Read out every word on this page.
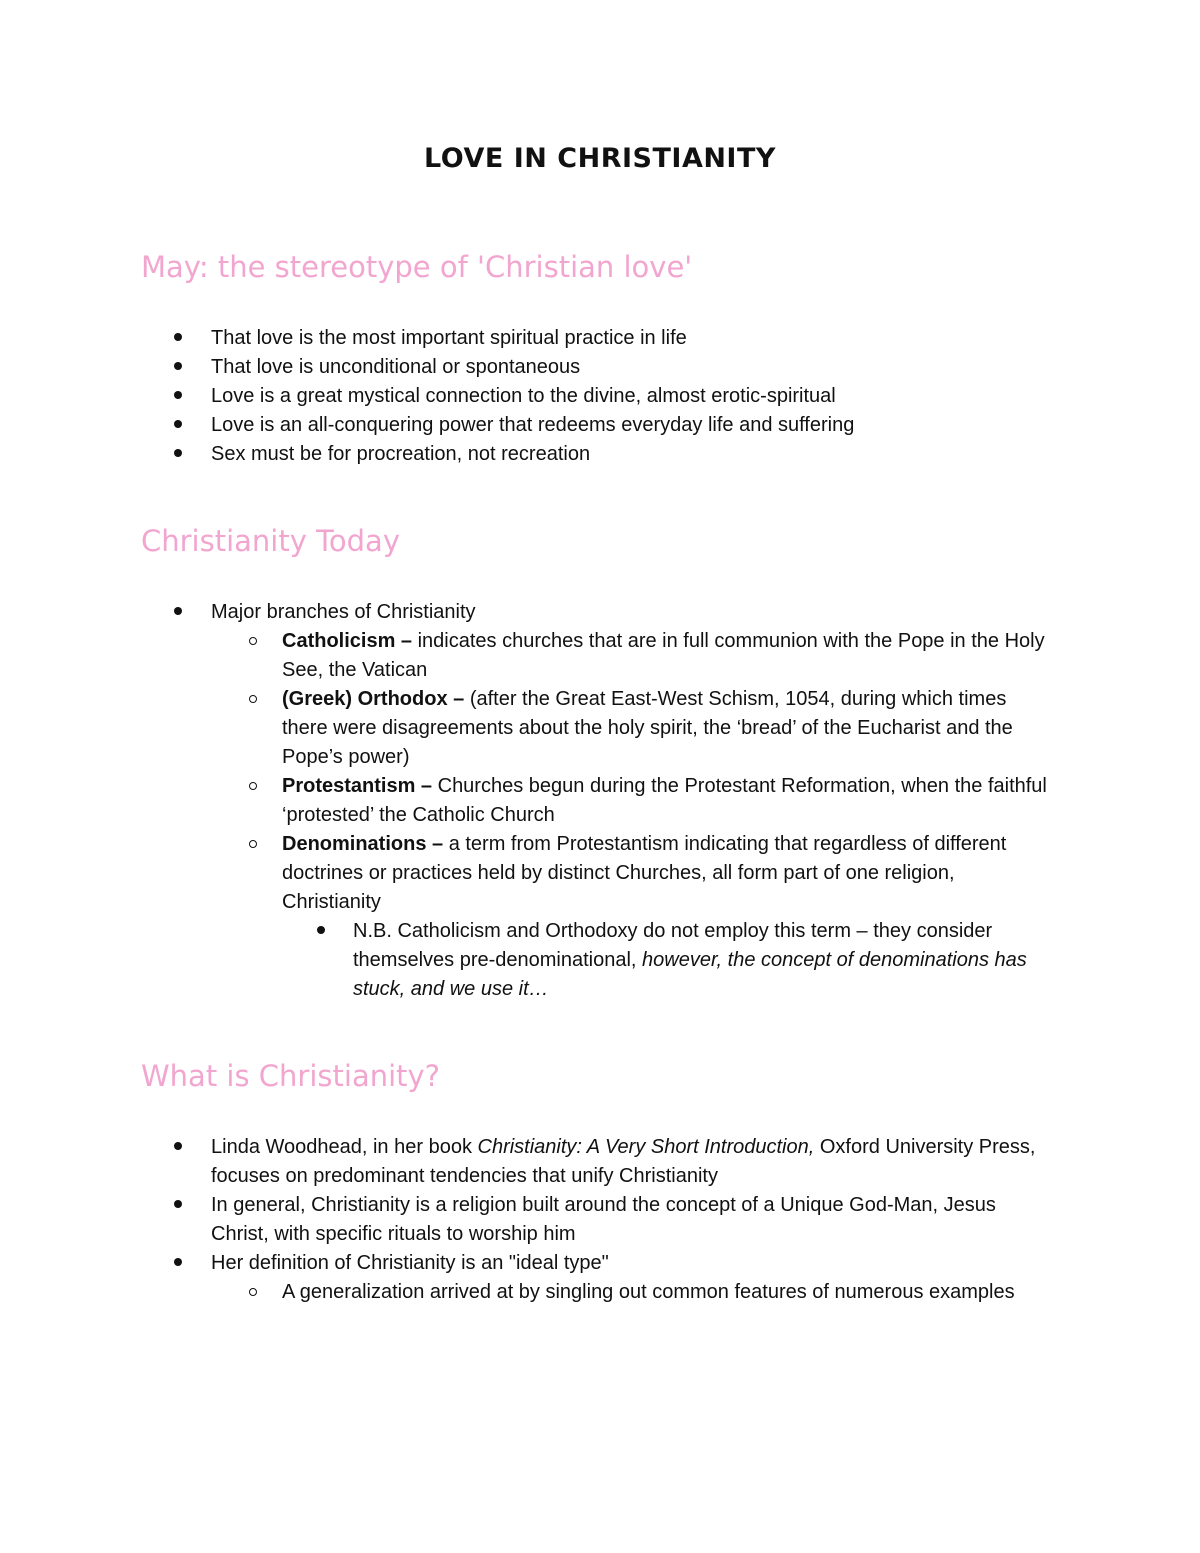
LOVE IN CHRISTIANITY
May: the stereotype of 'Christian love'
That love is the most important spiritual practice in life
That love is unconditional or spontaneous
Love is a great mystical connection to the divine, almost erotic-spiritual
Love is an all-conquering power that redeems everyday life and suffering
Sex must be for procreation, not recreation
Christianity Today
Major branches of Christianity
Catholicism – indicates churches that are in full communion with the Pope in the Holy See, the Vatican
(Greek) Orthodox – (after the Great East-West Schism, 1054, during which times there were disagreements about the holy spirit, the ‘bread’ of the Eucharist and the Pope’s power)
Protestantism – Churches begun during the Protestant Reformation, when the faithful ‘protested’ the Catholic Church
Denominations – a term from Protestantism indicating that regardless of different doctrines or practices held by distinct Churches, all form part of one religion, Christianity
N.B. Catholicism and Orthodoxy do not employ this term – they consider themselves pre-denominational, however, the concept of denominations has stuck, and we use it…
What is Christianity?
Linda Woodhead, in her book Christianity: A Very Short Introduction, Oxford University Press, focuses on predominant tendencies that unify Christianity
In general, Christianity is a religion built around the concept of a Unique God-Man, Jesus Christ, with specific rituals to worship him
Her definition of Christianity is an "ideal type"
A generalization arrived at by singling out common features of numerous examples
